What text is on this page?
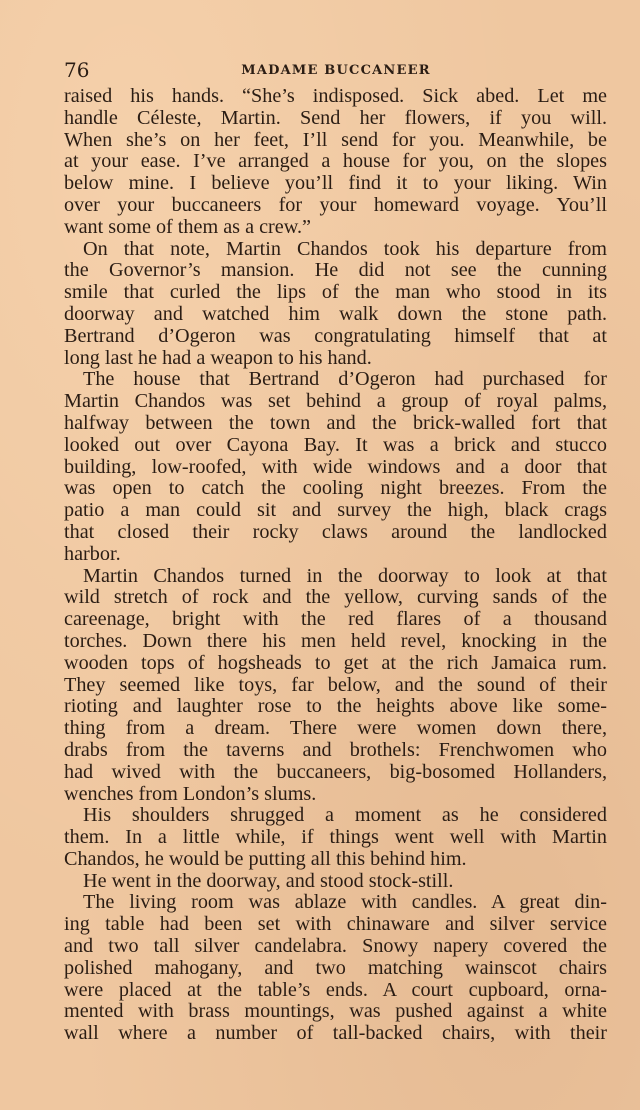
76	MADAME BUCCANEER
raised his hands. “She’s indisposed. Sick abed. Let me
handle Céleste, Martin. Send her flowers, if you will.
When she’s on her feet, I’ll send for you. Meanwhile, be
at your ease. I’ve arranged a house for you, on the slopes
below mine. I believe you’ll find it to your liking. Win
over your buccaneers for your homeward voyage. You’ll
want some of them as a crew.”
On that note, Martin Chandos took his departure from
the Governor’s mansion. He did not see the cunning
smile that curled the lips of the man who stood in its
doorway and watched him walk down the stone path.
Bertrand d’Ogeron was congratulating himself that at
long last he had a weapon to his hand.
The house that Bertrand d’Ogeron had purchased for
Martin Chandos was set behind a group of royal palms,
halfway between the town and the brick-walled fort that
looked out over Cayona Bay. It was a brick and stucco
building, low-roofed, with wide windows and a door that
was open to catch the cooling night breezes. From the
patio a man could sit and survey the high, black crags
that closed their rocky claws around the landlocked
harbor.
Martin Chandos turned in the doorway to look at that
wild stretch of rock and the yellow, curving sands of the
careenage, bright with the red flares of a thousand
torches. Down there his men held revel, knocking in the
wooden tops of hogsheads to get at the rich Jamaica rum.
They seemed like toys, far below, and the sound of their
rioting and laughter rose to the heights above like some-
thing from a dream. There were women down there,
drabs from the taverns and brothels: Frenchwomen who
had wived with the buccaneers, big-bosomed Hollanders,
wenches from London’s slums.
His shoulders shrugged a moment as he considered
them. In a little while, if things went well with Martin
Chandos, he would be putting all this behind him.
He went in the doorway, and stood stock-still.
The living room was ablaze with candles. A great din-
ing table had been set with chinaware and silver service
and two tall silver candelabra. Snowy napery covered the
polished mahogany, and two matching wainscot chairs
were placed at the table’s ends. A court cupboard, orna-
mented with brass mountings, was pushed against a white
wall where a number of tall-backed chairs, with their
